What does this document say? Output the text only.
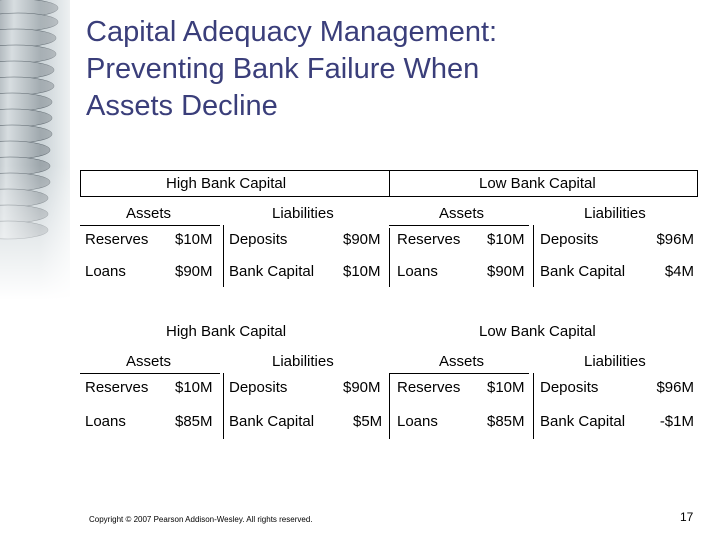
Capital Adequacy Management:
Preventing Bank Failure When
Assets Decline
High Bank Capital	Low Bank Capital
Assets	Liabilities	Assets	Liabilities
Reserves $10M Deposits	$90M Reserves $10M Deposits	$96M
Loans	$90M Bank Capital $10M Loans	$90M Bank Capital	$4M
High Bank Capital	Low Bank Capital
Assets	Liabilities	Assets	Liabilities
Reserves $10M Deposits	$90M Reserves $10M Deposits	$96M
Loans	$85M Bank Capital	$5M Loans	$85M Bank Capital -$1M
Copyright © 2007 Pearson Addison-Wesley. All rights reserved.	17
